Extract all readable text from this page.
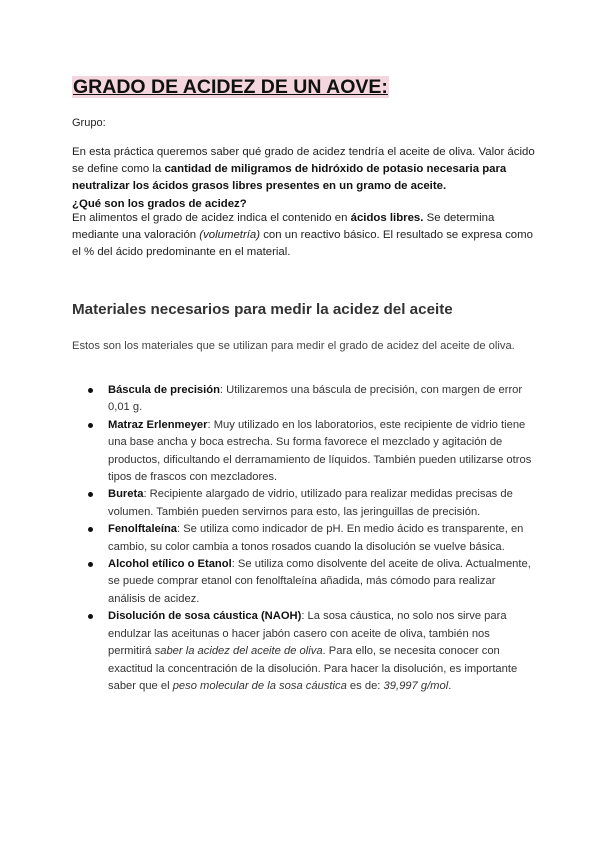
GRADO DE ACIDEZ DE UN AOVE:
Grupo:
En esta práctica queremos saber qué grado de acidez tendría el aceite de oliva. Valor ácido se define como la cantidad de miligramos de hidróxido de potasio necesaria para neutralizar los ácidos grasos libres presentes en un gramo de aceite.
¿Qué son los grados de acidez?
En alimentos el grado de acidez indica el contenido en ácidos libres. Se determina mediante una valoración (volumetría) con un reactivo básico. El resultado se expresa como el % del ácido predominante en el material.
Materiales necesarios para medir la acidez del aceite
Estos son los materiales que se utilizan para medir el grado de acidez del aceite de oliva.
Báscula de precisión: Utilizaremos una báscula de precisión, con margen de error 0,01 g.
Matraz Erlenmeyer: Muy utilizado en los laboratorios, este recipiente de vidrio tiene una base ancha y boca estrecha. Su forma favorece el mezclado y agitación de productos, dificultando el derramamiento de líquidos. También pueden utilizarse otros tipos de frascos con mezcladores.
Bureta: Recipiente alargado de vidrio, utilizado para realizar medidas precisas de volumen. También pueden servirnos para esto, las jeringuillas de precisión.
Fenolftaleína: Se utiliza como indicador de pH. En medio ácido es transparente, en cambio, su color cambia a tonos rosados cuando la disolución se vuelve básica.
Alcohol etílico o Etanol: Se utiliza como disolvente del aceite de oliva. Actualmente, se puede comprar etanol con fenolftaleína añadida, más cómodo para realizar análisis de acidez.
Disolución de sosa cáustica (NAOH): La sosa cáustica, no solo nos sirve para endulzar las aceitunas o hacer jabón casero con aceite de oliva, también nos permitirá saber la acidez del aceite de oliva. Para ello, se necesita conocer con exactitud la concentración de la disolución. Para hacer la disolución, es importante saber que el peso molecular de la sosa cáustica es de: 39,997 g/mol.
